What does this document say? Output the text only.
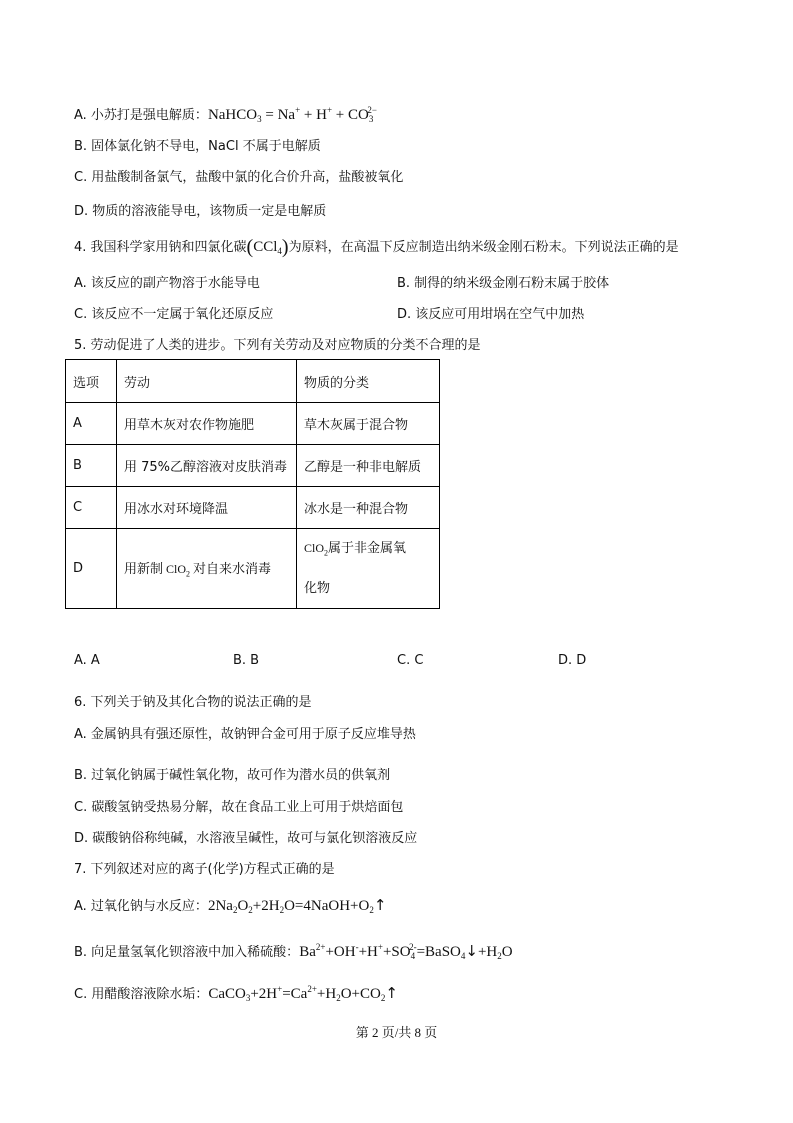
A. 小苏打是强电解质：NaHCO$_3$ = $Na^+ + H^+ + CO_3^{2-}$
B. 固体氯化钠不导电，NaCl 不属于电解质
C. 用盐酸制备氯气，盐酸中氯的化合价升高，盐酸被氧化
D. 物质的溶液能导电，该物质一定是电解质
4. 我国科学家用钠和四氯化碳(CCl$_4$)为原料，在高温下反应制造出纳米级金刚石粉末。下列说法正确的是
A. 该反应的副产物溶于水能导电	B. 制得的纳米级金刚石粉末属于胶体
C. 该反应不一定属于氧化还原反应	D. 该反应可用坩埚在空气中加热
5. 劳动促进了人类的进步。下列有关劳动及对应物质的分类不合理的是
选项	劳动	物质的分类
A	用草木灰对农作物施肥	草木灰属于混合物
B	用 75%乙醇溶液对皮肤消毒	乙醇是一种非电解质
C	用冰水对环境降温	冰水是一种混合物
D	用新制 ClO$_2$ 对自来水消毒	ClO$_2$属于非金属氧
化物
A. A	B. B	C. C	D. D
6. 下列关于钠及其化合物的说法正确的是
A. 金属钠具有强还原性，故钠钾合金可用于原子反应堆导热
B. 过氧化钠属于碱性氧化物，故可作为潜水员的供氧剂
C. 碳酸氢钠受热易分解，故在食品工业上可用于烘焙面包
D. 碳酸钠俗称纯碱，水溶液呈碱性，故可与氯化钡溶液反应
7. 下列叙述对应的离子(化学)方程式正确的是
A. 过氧化钠与水反应：$2Na_2O_2+2H_2O=4NaOH+O_2↑$
B. 向足量氢氧化钡溶液中加入稀硫酸：$Ba^{2+}+OH^-+H^++SO_4^{2-}=BaSO_4↓+H_2O$
C. 用醋酸溶液除水垢：$CaCO_3+2H^+=Ca^{2+}+H_2O+CO_2↑$
第 2 页/共 8 页
